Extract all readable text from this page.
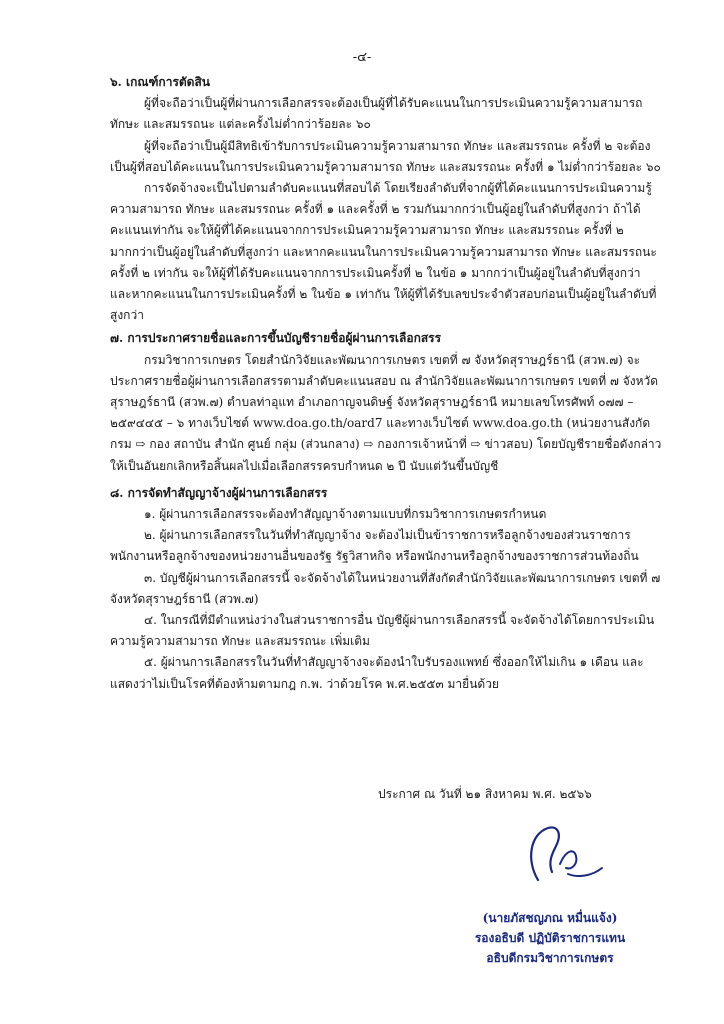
-๔-
๖. เกณฑ์การตัดสิน

ผู้ที่จะถือว่าเป็นผู้ที่ผ่านการเลือกสรรจะต้องเป็นผู้ที่ได้รับคะแนนในการประเมินความรู้ความสามารถ ทักษะ และสมรรถนะ แต่ละครั้งไม่ต่ำกว่าร้อยละ ๖๐

ผู้ที่จะถือว่าเป็นผู้มีสิทธิเข้ารับการประเมินความรู้ความสามารถ ทักษะ และสมรรถนะ ครั้งที่ ๒ จะต้องเป็นผู้ที่สอบได้คะแนนในการประเมินความรู้ความสามารถ ทักษะ และสมรรถนะ ครั้งที่ ๑ ไม่ต่ำกว่าร้อยละ ๖๐

การจัดจ้างจะเป็นไปตามลำดับคะแนนที่สอบได้ โดยเรียงลำดับที่จากผู้ที่ได้คะแนนการประเมินความรู้ความสามารถ ทักษะ และสมรรถนะ ครั้งที่ ๑ และครั้งที่ ๒ รวมกันมากกว่าเป็นผู้อยู่ในลำดับที่สูงกว่า ถ้าได้คะแนนเท่ากัน จะให้ผู้ที่ได้คะแนนจากการประเมินความรู้ความสามารถ ทักษะ และสมรรถนะ ครั้งที่ ๒ มากกว่าเป็นผู้อยู่ในลำดับที่สูงกว่า และหากคะแนนในการประเมินความรู้ความสามารถ ทักษะ และสมรรถนะ ครั้งที่ ๒ เท่ากัน จะให้ผู้ที่ได้รับคะแนนจากการประเมินครั้งที่ ๒ ในข้อ ๑ มากกว่าเป็นผู้อยู่ในลำดับที่สูงกว่า และหากคะแนนในการประเมินครั้งที่ ๒ ในข้อ ๑ เท่ากัน ให้ผู้ที่ได้รับเลขประจำตัวสอบก่อนเป็นผู้อยู่ในลำดับที่สูงกว่า

๗. การประกาศรายชื่อและการขึ้นบัญชีรายชื่อผู้ผ่านการเลือกสรร

กรมวิชาการเกษตร โดยสำนักวิจัยและพัฒนาการเกษตร เขตที่ ๗ จังหวัดสุราษฎร์ธานี (สวพ.๗) จะประกาศรายชื่อผู้ผ่านการเลือกสรรตามลำดับคะแนนสอบ ณ สำนักวิจัยและพัฒนาการเกษตร เขตที่ ๗ จังหวัดสุราษฎร์ธานี (สวพ.๗) ตำบลท่าอุแท อำเภอกาญจนดิษฐ์ จังหวัดสุราษฎร์ธานี หมายเลขโทรศัพท์ ๐๗๗ – ๒๕๙๔๔๕ – ๖ ทางเว็บไซต์ www.doa.go.th/oard7 และทางเว็บไซต์ www.doa.go.th (หน่วยงานสังกัดกรม ⇨ กอง สถาบัน สำนัก ศูนย์ กลุ่ม (ส่วนกลาง) ⇨ กองการเจ้าหน้าที่ ⇨ ข่าวสอบ) โดยบัญชีรายชื่อดังกล่าวให้เป็นอันยกเลิกหรือสิ้นผลไปเมื่อเลือกสรรครบกำหนด ๒ ปี นับแต่วันขึ้นบัญชี

๘. การจัดทำสัญญาจ้างผู้ผ่านการเลือกสรร

๑. ผู้ผ่านการเลือกสรรจะต้องทำสัญญาจ้างตามแบบที่กรมวิชาการเกษตรกำหนด

๒. ผู้ผ่านการเลือกสรรในวันที่ทำสัญญาจ้าง จะต้องไม่เป็นข้าราชการหรือลูกจ้างของส่วนราชการ พนักงานหรือลูกจ้างของหน่วยงานอื่นของรัฐ รัฐวิสาหกิจ หรือพนักงานหรือลูกจ้างของราชการส่วนท้องถิ่น

๓. บัญชีผู้ผ่านการเลือกสรรนี้ จะจัดจ้างได้ในหน่วยงานที่สังกัดสำนักวิจัยและพัฒนาการเกษตร เขตที่ ๗ จังหวัดสุราษฎร์ธานี (สวพ.๗)

๔. ในกรณีที่มีตำแหน่งว่างในส่วนราชการอื่น บัญชีผู้ผ่านการเลือกสรรนี้ จะจัดจ้างได้โดยการประเมินความรู้ความสามารถ ทักษะ และสมรรถนะ เพิ่มเติม

๕. ผู้ผ่านการเลือกสรรในวันที่ทำสัญญาจ้างจะต้องนำใบรับรองแพทย์ ซึ่งออกให้ไม่เกิน ๑ เดือน และแสดงว่าไม่เป็นโรคที่ต้องห้ามตามกฎ ก.พ. ว่าด้วยโรค พ.ศ.๒๕๕๓ มายื่นด้วย

ประกาศ ณ วันที่ ๒๑ สิงหาคม พ.ศ. ๒๕๖๖
(นายภัสชญภณ หมื่นแจ้ง)
รองอธิบดี ปฏิบัติราชการแทน
อธิบดีกรมวิชาการเกษตร
